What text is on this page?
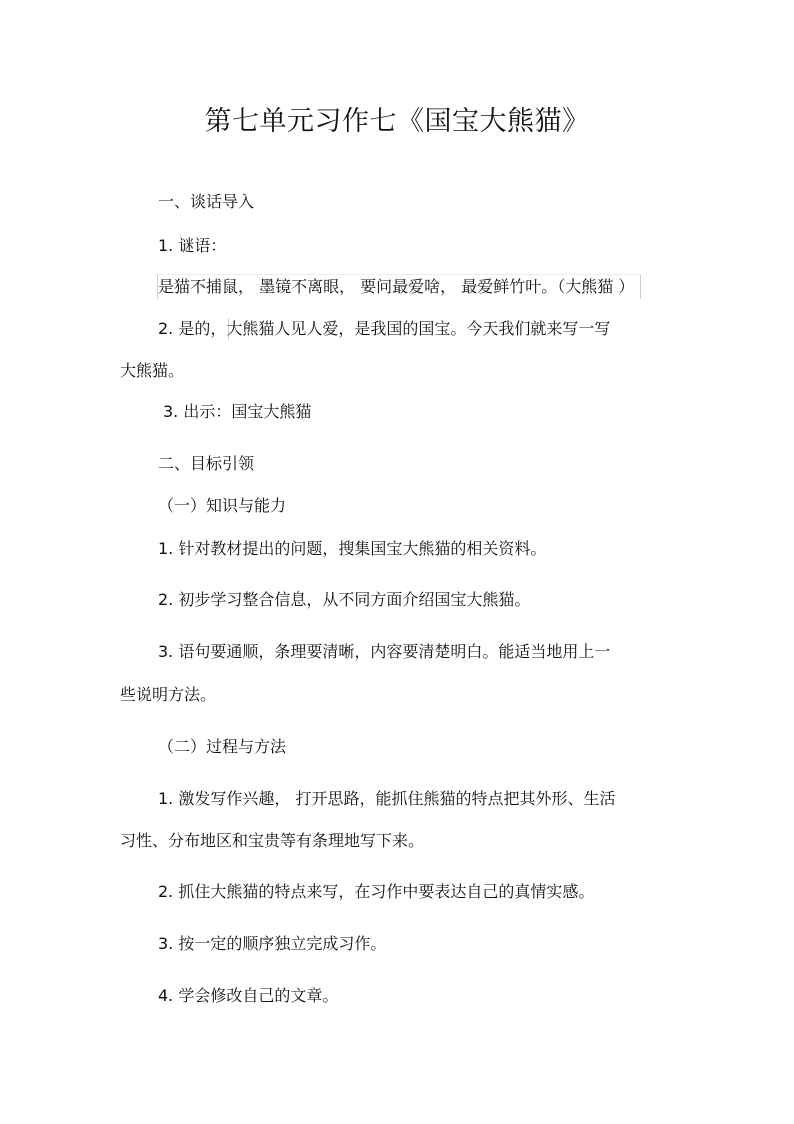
第七单元习作七《国宝大熊猫》
一、谈话导入
1. 谜语：
是猫不捕鼠， 墨镜不离眼， 要问最爱啥， 最爱鲜竹叶。（大熊猫 ）
2. 是的，大熊猫人见人爱，是我国的国宝。今天我们就来写一写
大熊猫。
3. 出示：国宝大熊猫
二、目标引领
（一）知识与能力
1. 针对教材提出的问题，搜集国宝大熊猫的相关资料。
2. 初步学习整合信息，从不同方面介绍国宝大熊猫。
3. 语句要通顺，条理要清晰，内容要清楚明白。能适当地用上一
些说明方法。
（二）过程与方法
1. 激发写作兴趣， 打开思路，能抓住熊猫的特点把其外形、生活
习性、分布地区和宝贵等有条理地写下来。
2. 抓住大熊猫的特点来写，在习作中要表达自己的真情实感。
3. 按一定的顺序独立完成习作。
4. 学会修改自己的文章。
